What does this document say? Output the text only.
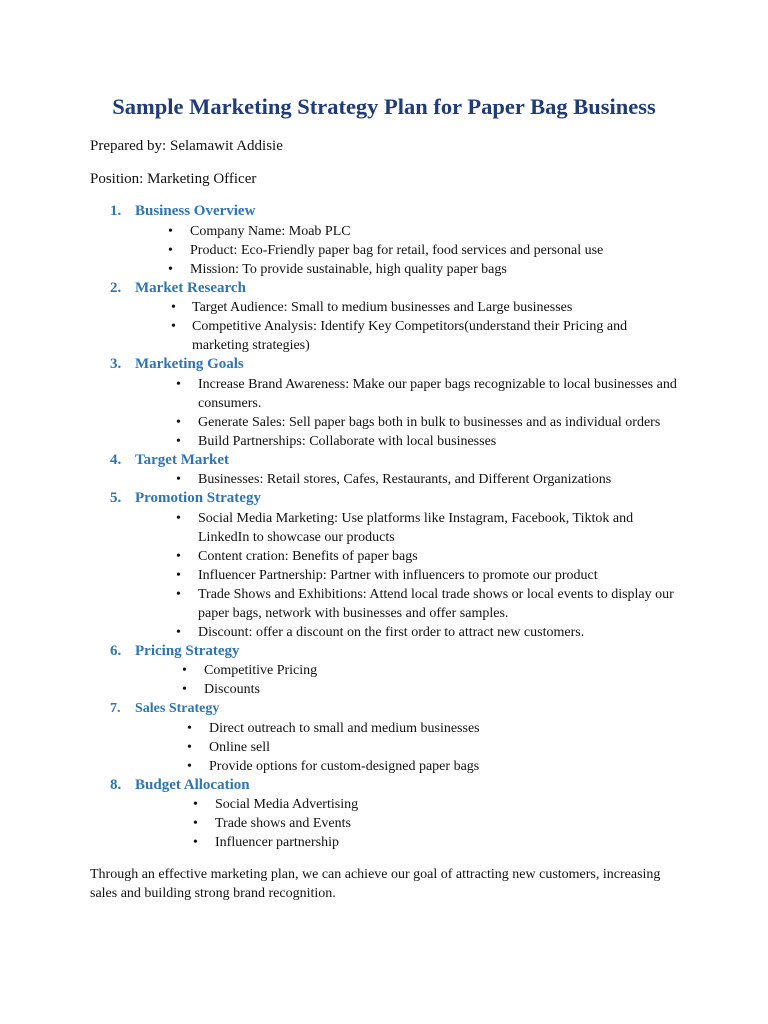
Sample Marketing Strategy Plan for Paper Bag Business
Prepared by: Selamawit Addisie
Position: Marketing Officer
1. Business Overview
• Company Name: Moab PLC
• Product: Eco-Friendly paper bag for retail, food services and personal use
• Mission: To provide sustainable, high quality paper bags
2. Market Research
• Target Audience: Small to medium businesses and Large businesses
• Competitive Analysis: Identify Key Competitors(understand their Pricing and
marketing strategies)
3. Marketing Goals
• Increase Brand Awareness: Make our paper bags recognizable to local businesses and
consumers.
• Generate Sales: Sell paper bags both in bulk to businesses and as individual orders
• Build Partnerships: Collaborate with local businesses
4. Target Market
• Businesses: Retail stores, Cafes, Restaurants, and Different Organizations
5. Promotion Strategy
• Social Media Marketing: Use platforms like Instagram, Facebook, Tiktok and
LinkedIn to showcase our products
• Content cration: Benefits of paper bags
• Influencer Partnership: Partner with influencers to promote our product
• Trade Shows and Exhibitions: Attend local trade shows or local events to display our
paper bags, network with businesses and offer samples.
• Discount: offer a discount on the first order to attract new customers.
6. Pricing Strategy
• Competitive Pricing
• Discounts
7. Sales Strategy
• Direct outreach to small and medium businesses
• Online sell
• Provide options for custom-designed paper bags
8. Budget Allocation
• Social Media Advertising
• Trade shows and Events
• Influencer partnership
Through an effective marketing plan, we can achieve our goal of attracting new customers, increasing
sales and building strong brand recognition.
